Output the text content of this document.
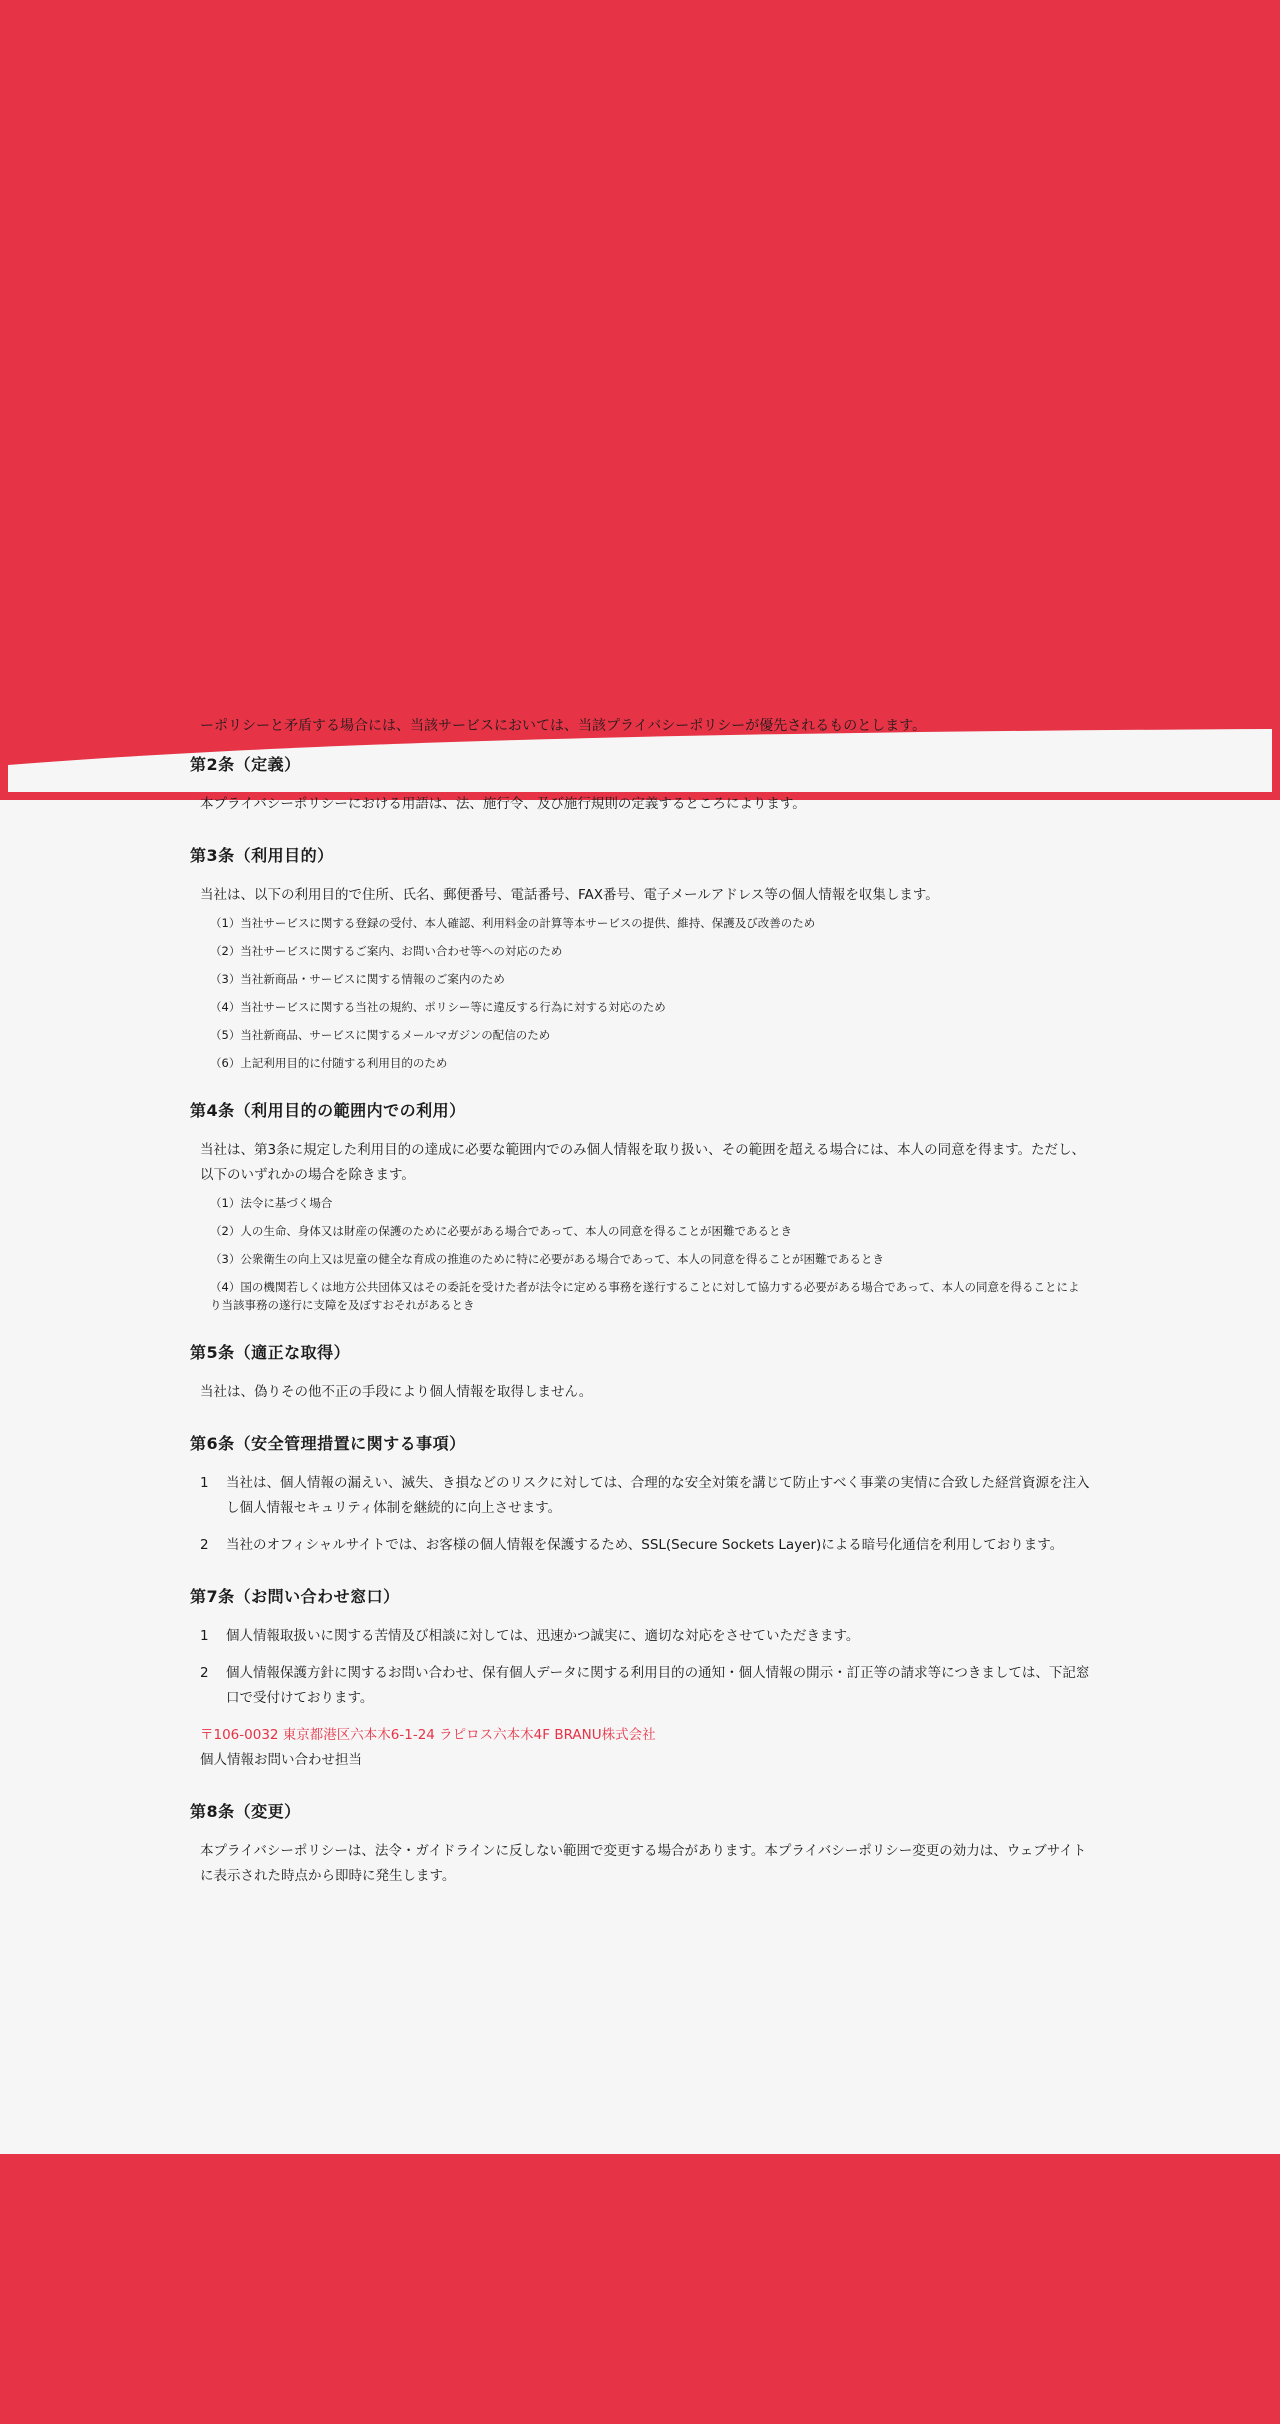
ーポリシーと矛盾する場合には、当該サービスにおいては、当該プライバシーポリシーが優先されるものとします。

第2条（定義）

本プライバシーポリシーにおける用語は、法、施行令、及び施行規則の定義するところによります。

第3条（利用目的）

当社は、以下の利用目的で住所、氏名、郵便番号、電話番号、FAX番号、電子メールアドレス等の個人情報を収集します。

（1）当社サービスに関する登録の受付、本人確認、利用料金の計算等本サービスの提供、維持、保護及び改善のため
（2）当社サービスに関するご案内、お問い合わせ等への対応のため
（3）当社新商品・サービスに関する情報のご案内のため
（4）当社サービスに関する当社の規約、ポリシー等に違反する行為に対する対応のため
（5）当社新商品、サービスに関するメールマガジンの配信のため
（6）上記利用目的に付随する利用目的のため
第4条（利用目的の範囲内での利用）

当社は、第3条に規定した利用目的の達成に必要な範囲内でのみ個人情報を取り扱い、その範囲を超える場合には、本人の同意を得ます。ただし、以下のいずれかの場合を除きます。

（1）法令に基づく場合
（2）人の生命、身体又は財産の保護のために必要がある場合であって、本人の同意を得ることが困難であるとき
（3）公衆衛生の向上又は児童の健全な育成の推進のために特に必要がある場合であって、本人の同意を得ることが困難であるとき
（4）国の機関若しくは地方公共団体又はその委託を受けた者が法令に定める事務を遂行することに対して協力する必要がある場合であって、本人の同意を得ることにより当該事務の遂行に支障を及ぼすおそれがあるとき
第5条（適正な取得）

当社は、偽りその他不正の手段により個人情報を取得しません。

第6条（安全管理措置に関する事項）
1	当社は、個人情報の漏えい、滅失、き損などのリスクに対しては、合理的な安全対策を講じて防止すべく事業の実情に合致した経営資源を注入し個人情報セキュリティ体制を継続的に向上させます。
2	当社のオフィシャルサイトでは、お客様の個人情報を保護するため、SSL(Secure Sockets Layer)による暗号化通信を利用しております。
第7条（お問い合わせ窓口）
1	個人情報取扱いに関する苦情及び相談に対しては、迅速かつ誠実に、適切な対応をさせていただきます。
2	個人情報保護方針に関するお問い合わせ、保有個人データに関する利用目的の通知・個人情報の開示・訂正等の請求等につきましては、下記窓口で受付けております。

〒106-0032 東京都港区六本木6-1-24 ラピロス六本木4F BRANU株式会社

個人情報お問い合わせ担当

第8条（変更）

本プライバシーポリシーは、法令・ガイドラインに反しない範囲で変更する場合があります。本プライバシーポリシー変更の効力は、ウェブサイトに表示された時点から即時に発生します。
